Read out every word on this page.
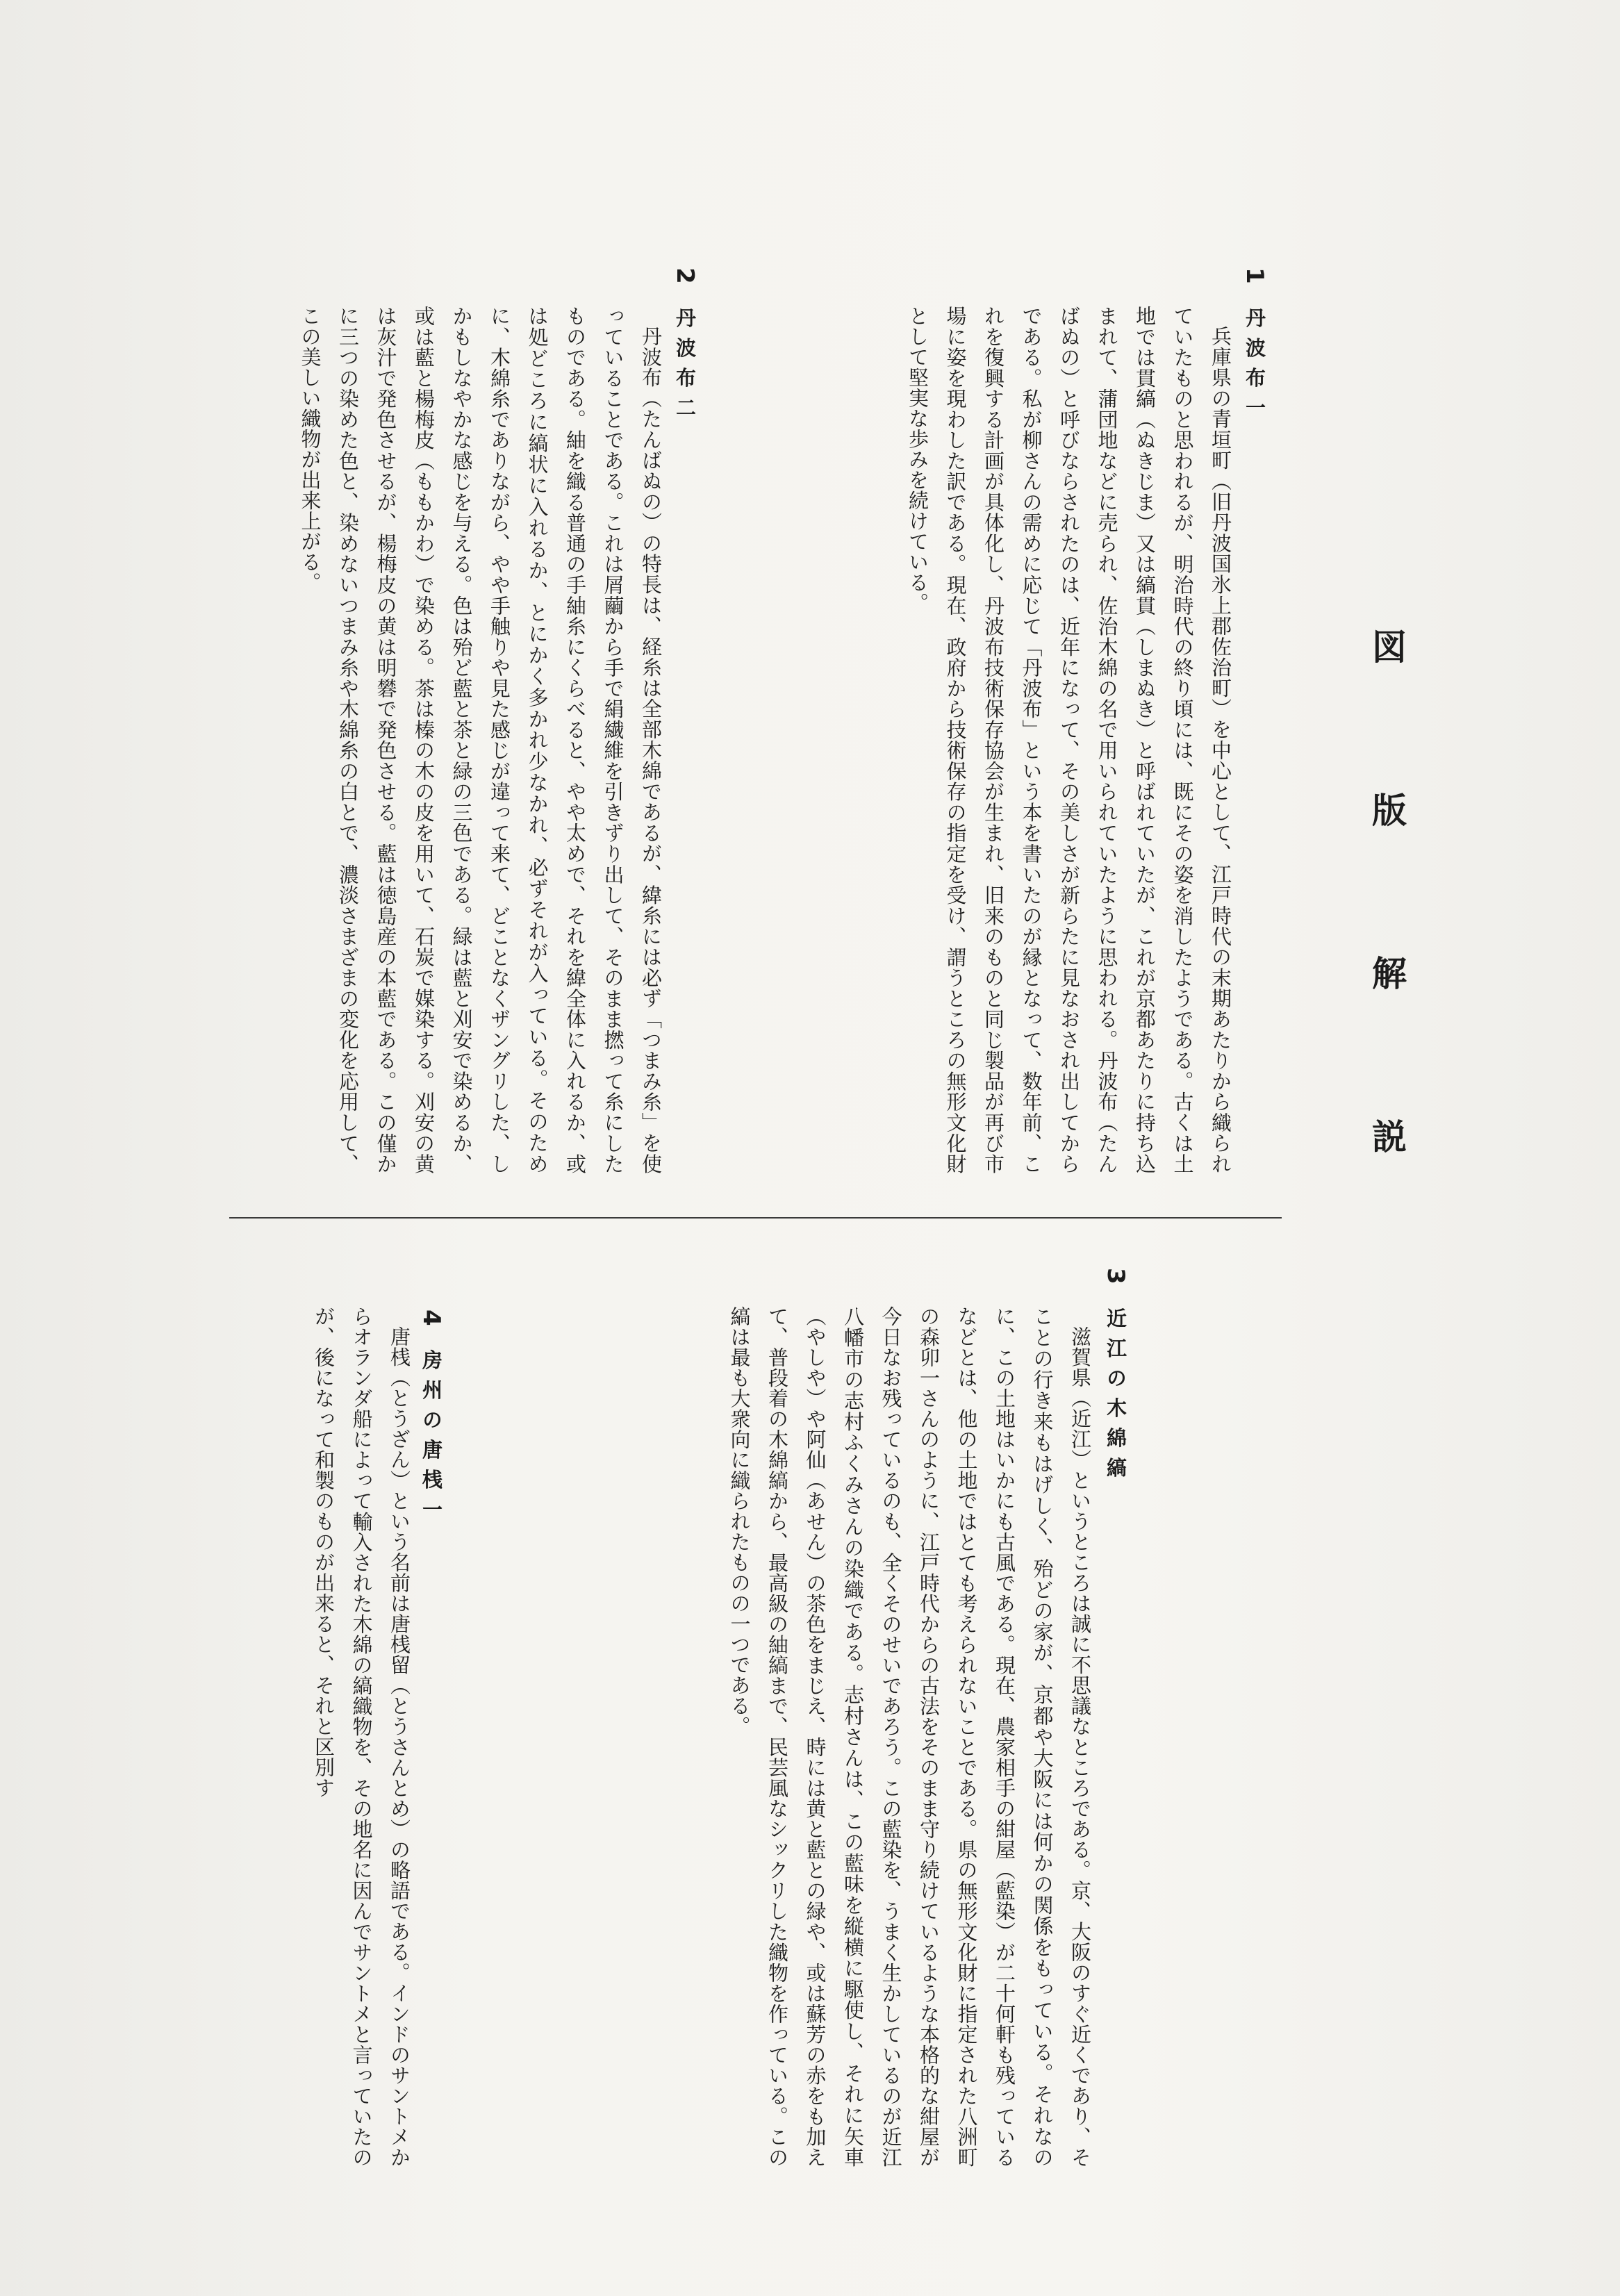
図版解説
1丹波布一

兵庫県の青垣町（旧丹波国氷上郡佐治町）を中心として、江戸時代の末期あたりから織られていたものと思われるが、明治時代の終り頃には、既にその姿を消したようである。古くは土地では貫縞（ぬきじま）又は縞貫（しまぬき）と呼ばれていたが、これが京都あたりに持ち込まれて、蒲団地などに売られ、佐治木綿の名で用いられていたように思われる。丹波布（たんばぬの）と呼びならされたのは、近年になって、その美しさが新らたに見なおされ出してからである。私が柳さんの需めに応じて「丹波布」という本を書いたのが縁となって、数年前、これを復興する計画が具体化し、丹波布技術保存協会が生まれ、旧来のものと同じ製品が再び市場に姿を現わした訳である。現在、政府から技術保存の指定を受け、謂うところの無形文化財として堅実な歩みを続けている。

2丹波布二

丹波布（たんばぬの）の特長は、経糸は全部木綿であるが、緯糸には必ず「つまみ糸」を使っていることである。これは屑繭から手で絹繊維を引きずり出して、そのまま撚って糸にしたものである。紬を織る普通の手紬糸にくらべると、やや太めで、それを緯全体に入れるか、或は処どころに縞状に入れるか、とにかく多かれ少なかれ、必ずそれが入っている。そのために、木綿糸でありながら、やや手触りや見た感じが違って来て、どことなくザングリした、しかもしなやかな感じを与える。色は殆ど藍と茶と緑の三色である。緑は藍と刈安で染めるか、或は藍と楊梅皮（ももかわ）で染める。茶は榛の木の皮を用いて、石炭で媒染する。刈安の黄は灰汁で発色させるが、楊梅皮の黄は明礬で発色させる。藍は徳島産の本藍である。この僅かに三つの染めた色と、染めないつまみ糸や木綿糸の白とで、濃淡さまざまの変化を応用して、この美しい織物が出来上がる。

3近江の木綿縞

滋賀県（近江）というところは誠に不思議なところである。京、大阪のすぐ近くであり、そことの行き来もはげしく、殆どの家が、京都や大阪には何かの関係をもっている。それなのに、この土地はいかにも古風である。現在、農家相手の紺屋（藍染）が二十何軒も残っているなどとは、他の土地ではとても考えられないことである。県の無形文化財に指定された八洲町の森卯一さんのように、江戸時代からの古法をそのまま守り続けているような本格的な紺屋が今日なお残っているのも、全くそのせいであろう。この藍染を、うまく生かしているのが近江八幡市の志村ふくみさんの染織である。志村さんは、この藍味を縦横に駆使し、それに矢車（やしや）や阿仙（あせん）の茶色をまじえ、時には黄と藍との緑や、或は蘇芳の赤をも加えて、普段着の木綿縞から、最高級の紬縞まで、民芸風なシックリした織物を作っている。この縞は最も大衆向に織られたものの一つである。

4房州の唐桟一

唐桟（とうざん）という名前は唐桟留（とうさんとめ）の略語である。インドのサントメからオランダ船によって輸入された木綿の縞織物を、その地名に因んでサントメと言っていたのが、後になって和製のものが出来ると、それと区別す
